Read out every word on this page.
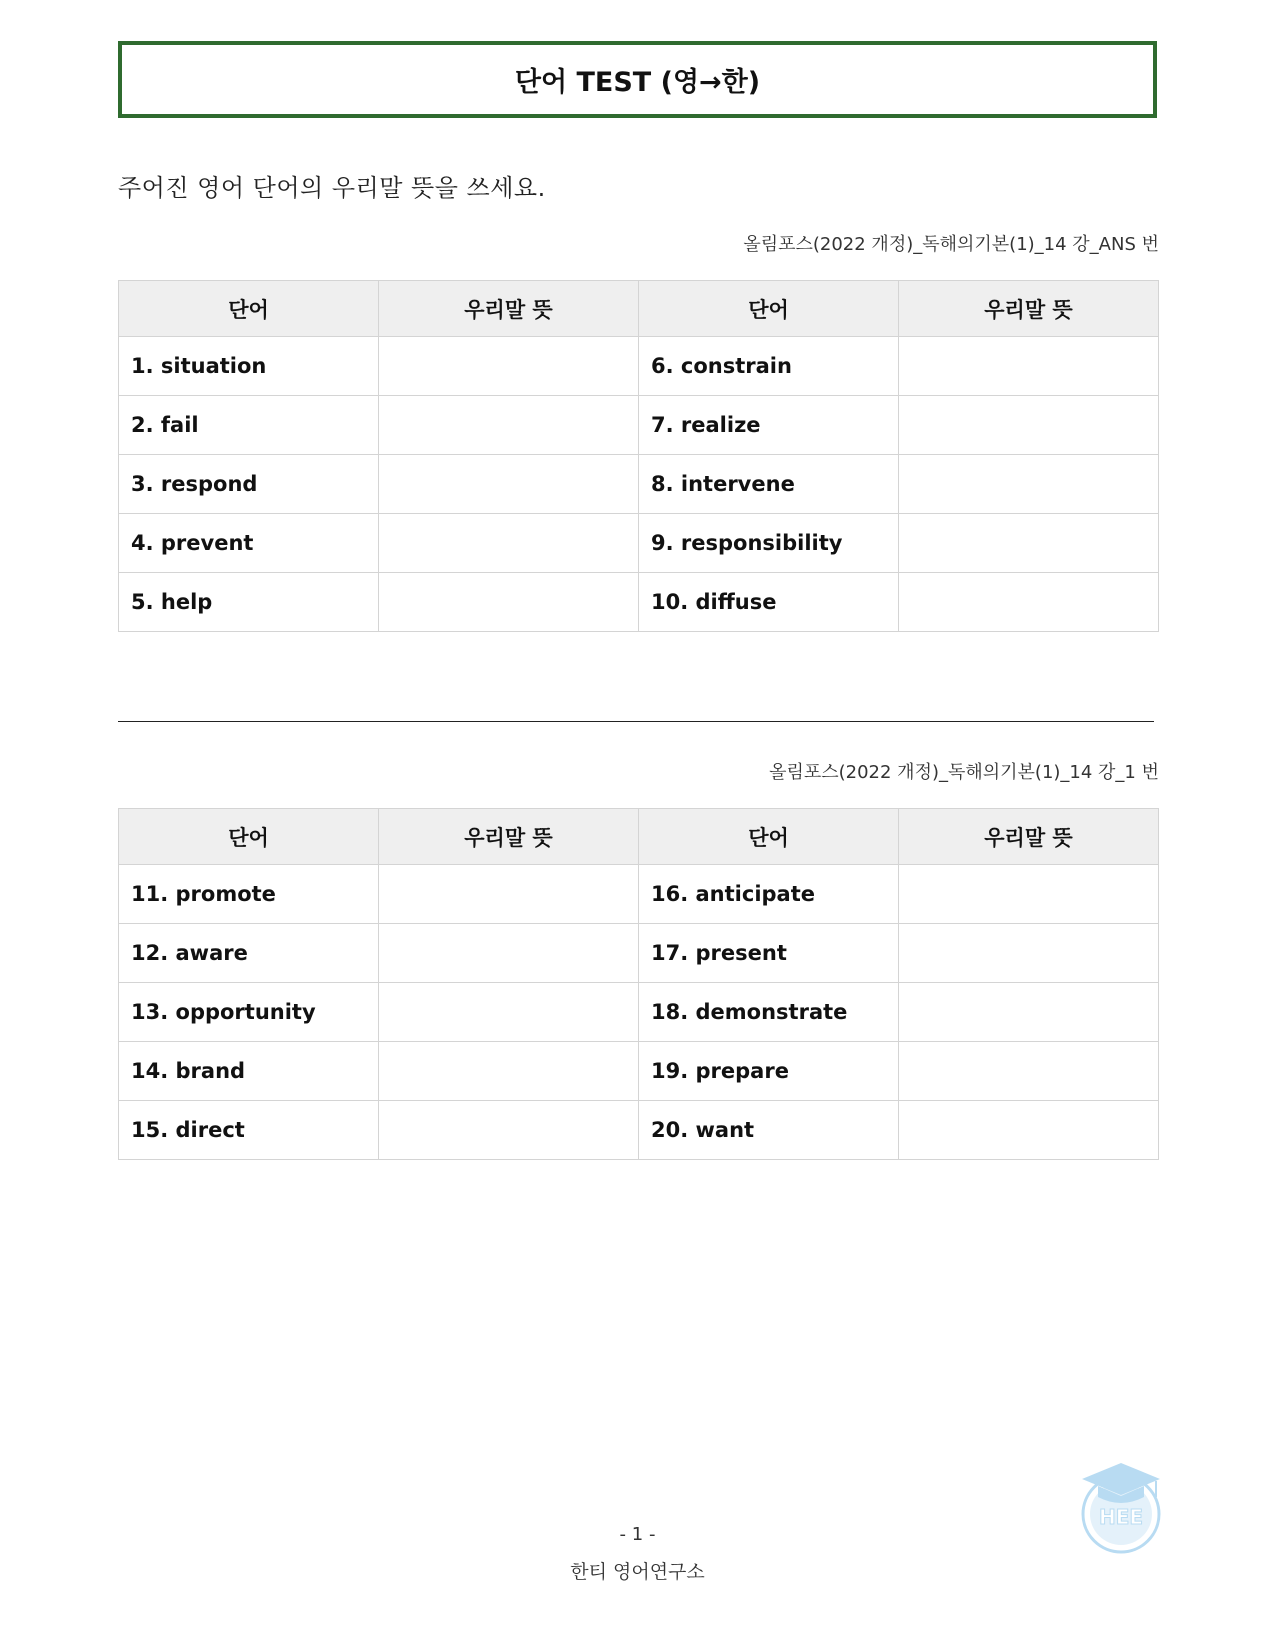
단어 TEST (영→한)
주어진 영어 단어의 우리말 뜻을 쓰세요.
올림포스(2022 개정)_독해의기본(1)_14 강_ANS 번
단어	우리말 뜻	단어	우리말 뜻
1. situation		6. constrain	
2. fail		7. realize	
3. respond		8. intervene	
4. prevent		9. responsibility	
5. help		10. diffuse	
올림포스(2022 개정)_독해의기본(1)_14 강_1 번
단어	우리말 뜻	단어	우리말 뜻
11. promote		16. anticipate	
12. aware		17. present	
13. opportunity		18. demonstrate	
14. brand		19. prepare	
15. direct		20. want	
- 1 -
한티 영어연구소
HEE
